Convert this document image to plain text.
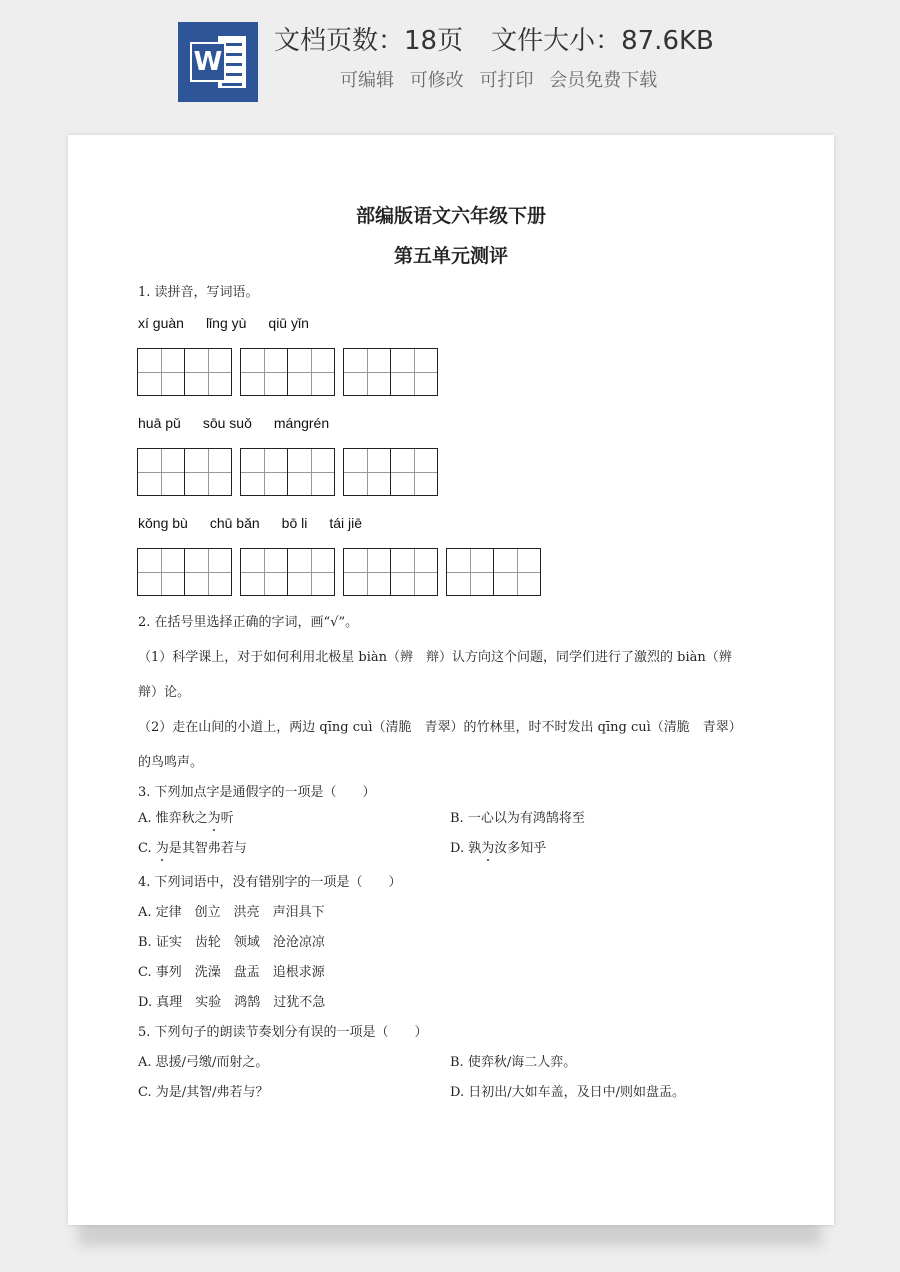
W
文档页数：18页 文件大小：87.6KB
可编辑 可修改 可打印 会员免费下载
部编版语文六年级下册
第五单元测评
1. 读拼音，写词语。
xí guàn lǐng yù qiū yǐn
huā pǔ sōu suǒ mángrén
kǒng bù chū bǎn bō li tái jiē
2. 在括号里选择正确的字词，画“√”。
（1）科学课上，对于如何利用北极星 biàn（辨　辩）认方向这个问题，同学们进行了激烈的 biàn（辨
辩）论。
（2）走在山间的小道上，两边 qīng cuì（清脆　青翠）的竹林里，时不时发出 qīng cuì（清脆　青翠）
的鸟鸣声。
3. 下列加点字是通假字的一项是（　　）
A. 惟弈秋之为听	B. 一心以为有鸿鹄将至
C. 为是其智弗若与	D. 孰为汝多知乎
4. 下列词语中，没有错别字的一项是（　　）
A. 定律　创立　洪亮　声泪具下
B. 证实　齿轮　领域　沧沧凉凉
C. 事列　洗澡　盘盂　追根求源
D. 真理　实验　鸿鹄　过犹不急
5. 下列句子的朗读节奏划分有误的一项是（　　）
A. 思援/弓缴/而射之。	B. 使弈秋/诲二人弈。
C. 为是/其智/弗若与？	D. 日初出/大如车盖，及日中/则如盘盂。
